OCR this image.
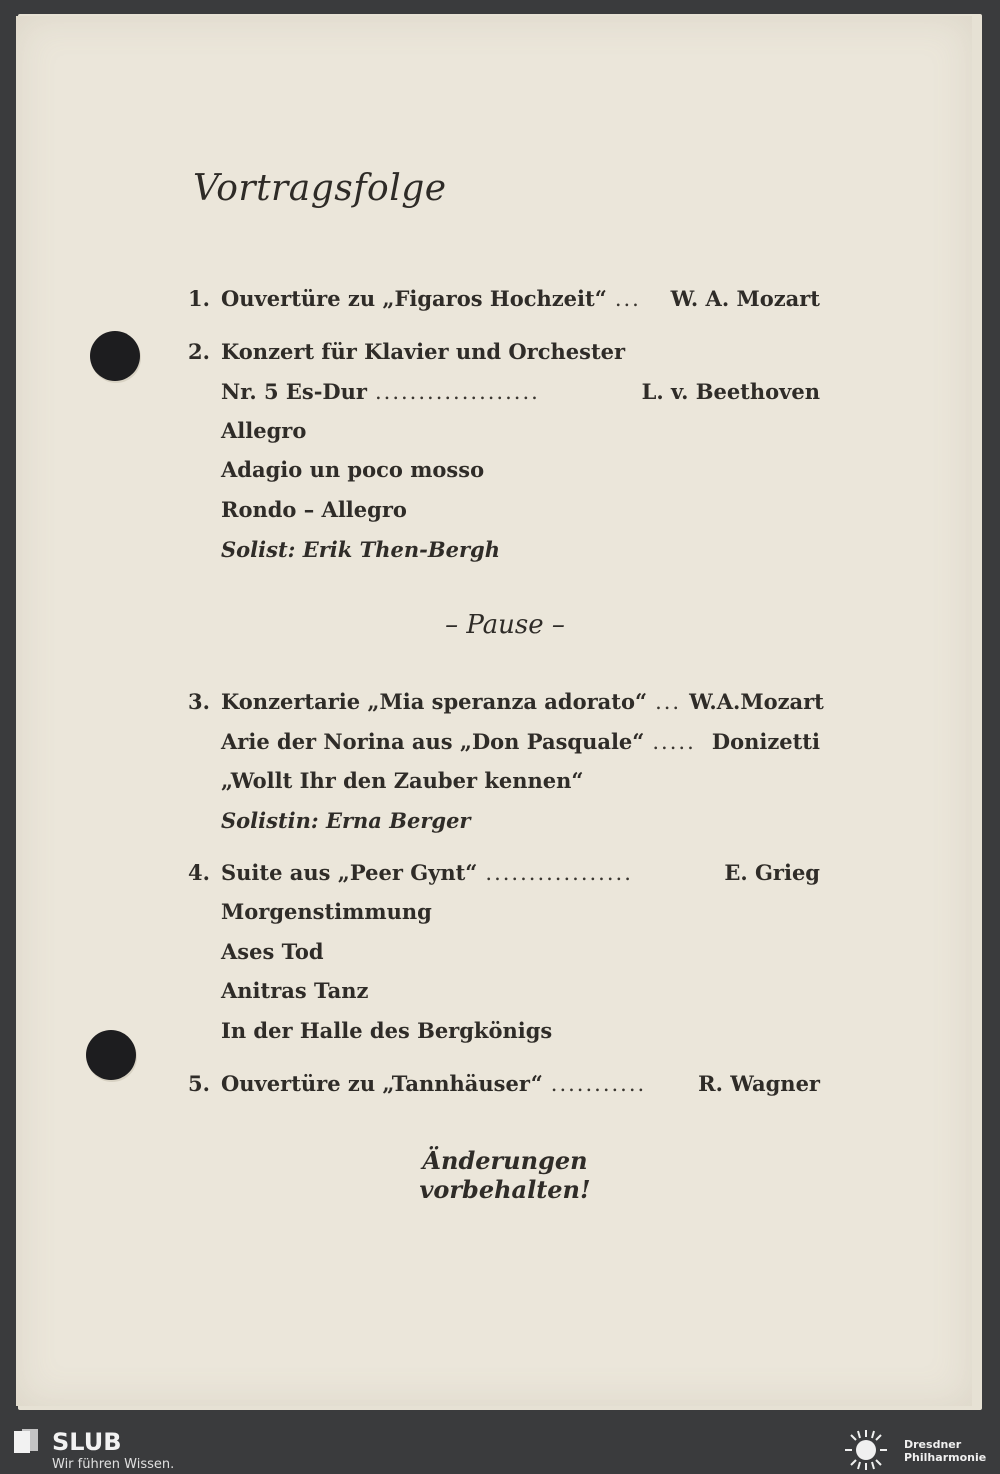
Vortragsfolge
1. Ouvertüre zu „Figaros Hochzeit“ ...	W. A. Mozart
2. Konzert für Klavier und Orchester
Nr. 5 Es-Dur ...................	L. v. Beethoven
Allegro
Adagio un poco mosso
Rondo – Allegro
Solist: Erik Then-Bergh
– Pause –
3. Konzertarie „Mia speranza adorato“ ... W.A.Mozart
Arie der Norina aus „Don Pasquale“ ..... Donizetti
„Wollt Ihr den Zauber kennen“
Solistin: Erna Berger
4. Suite aus „Peer Gynt“ .................	E. Grieg
Morgenstimmung
Ases Tod
Anitras Tanz
In der Halle des Bergkönigs
5. Ouvertüre zu „Tannhäuser“ ...........	R. Wagner
Änderungen vorbehalten!
SLUB
Wir führen Wissen.
Dresdner
Philharmonie
